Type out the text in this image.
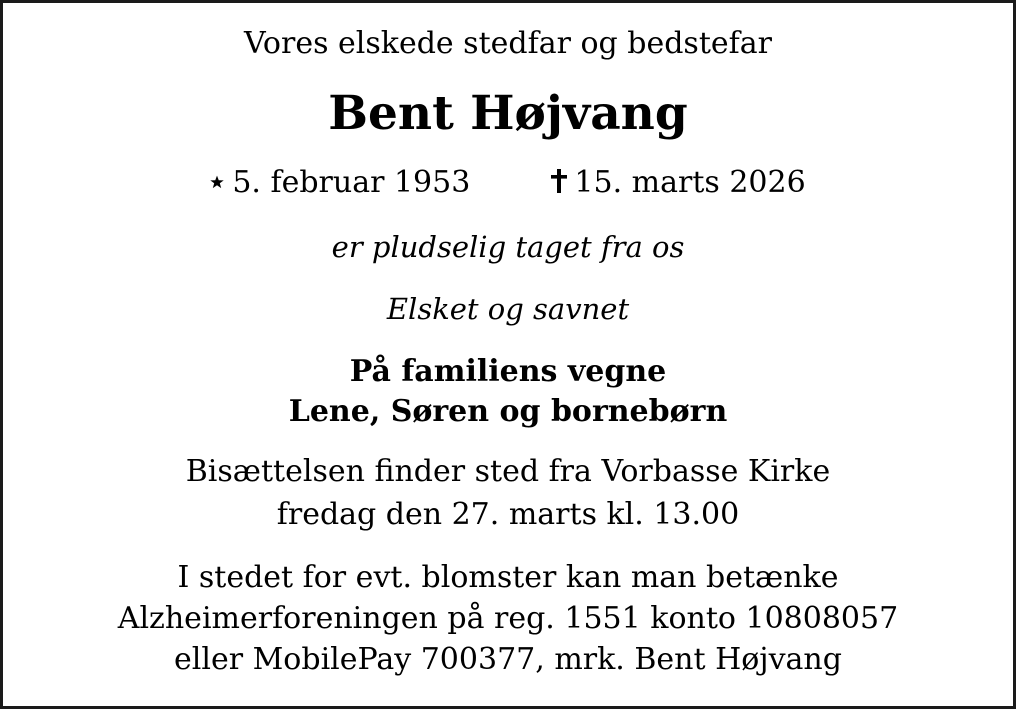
Vores elskede stedfar og bedstefar
Bent Højvang
5. februar 1953	15. marts 2026
er pludselig taget fra os
Elsket og savnet
På familiens vegne
Lene, Søren og bornebørn
Bisættelsen finder sted fra Vorbasse Kirke
fredag den 27. marts kl. 13.00
I stedet for evt. blomster kan man betænke
Alzheimerforeningen på reg. 1551 konto 10808057
eller MobilePay 700377, mrk. Bent Højvang
